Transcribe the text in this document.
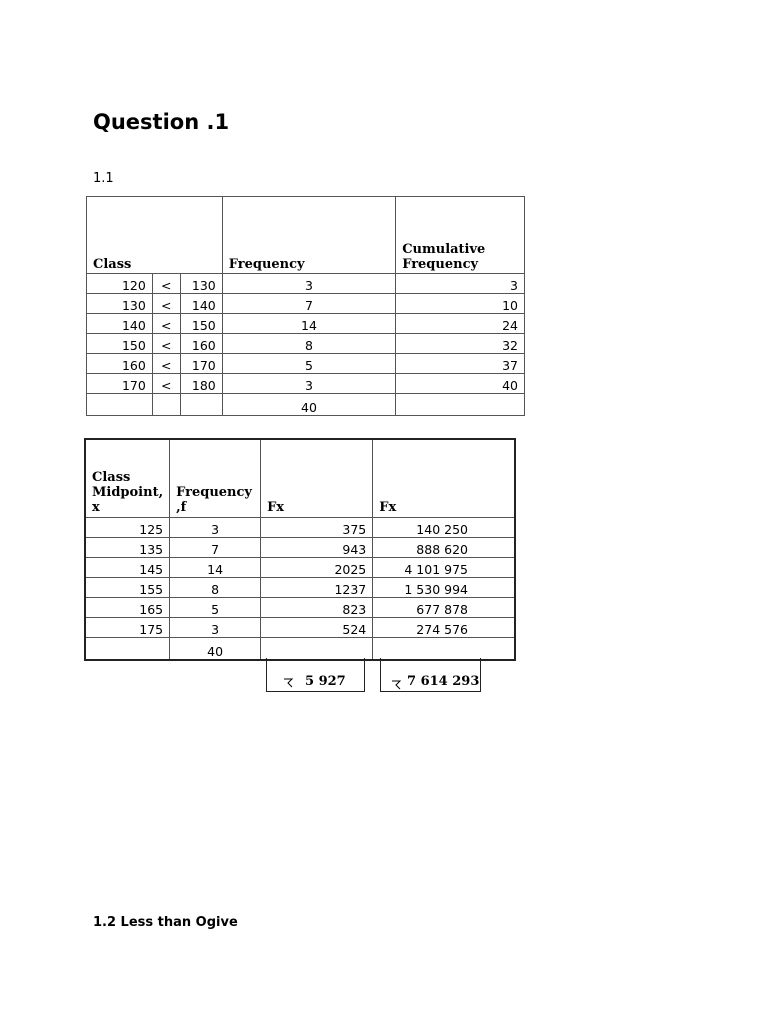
Question .1
1.1
Class			Frequency	Cumulative Frequency
120	<	130	3	3
130	<	140	7	10
140	<	150	14	24
150	<	160	8	32
160	<	170	5	37
170	<	180	3	40
			40	
Class Midpoint, x	Frequency ,f	Fx	Fx
125	3	375	140 250
135	7	943	888 620
145	14	2025	4 101 975
155	8	1237	1 530 994
165	5	823	677 878
175	3	524	274 576
	40		
5 927	7 614 293
1.2 Less than Ogive
